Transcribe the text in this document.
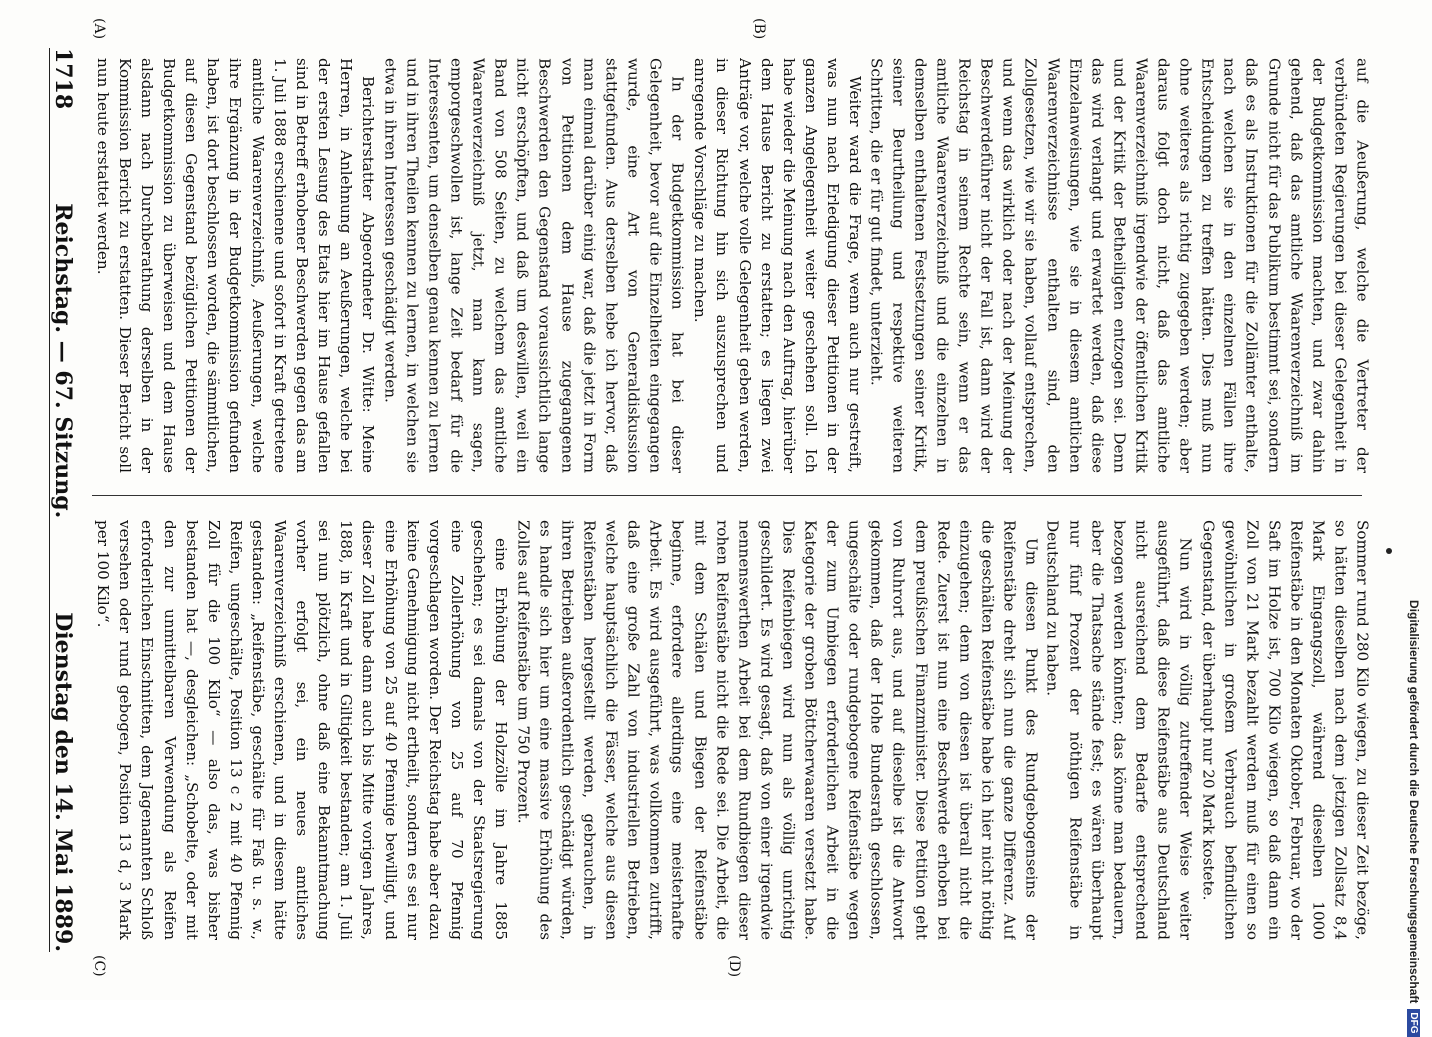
1718
Reichstag. — 67. Sitzung.
Dienstag den 14. Mai 1889.

Berichterstatter Abgeordneter Dr. Witte: Meine Herren, in Anlehnung an Aeußerungen, welche bei der ersten Lesung des Etats hier im Hause gefallen sind in Betreff erhobener Beschwerden gegen das am 1. Juli 1888 erschienene und sofort in Kraft getretene amtliche Waarenverzeichniß, Aeußerungen, welche ihre Ergänzung in der Budgetkommission gefunden haben, ist dort beschlossen worden, die sämmtlichen, auf diesen Gegenstand bezüglichen Petitionen der Budgetkommission zu überweisen und dem Hause alsdann nach Durchberathung derselben in der Kommission Bericht zu erstatten. Dieser Bericht soll nun heute erstattet werden.	In der Budgetkommission hat bei dieser Gelegenheit, bevor auf die Einzelheiten eingegangen wurde, eine Art von Generaldiskussion stattgefunden. Aus derselben hebe ich hervor, daß man einmal darüber einig war, daß die jetzt in Form von Petitionen dem Hause zugegangenen Beschwerden den Gegenstand voraussichtlich lange nicht erschöpften, und daß um deswillen, weil ein Band von 508 Seiten, zu welchem das amtliche Waarenverzeichniß jetzt, man kann sagen, emporgeschwollen ist, lange Zeit bedarf für die Interessenten, um denselben genau kennen zu lernen und in ihren Theilen kennen zu lernen, in welchen sie etwa in ihren Interessen geschädigt werden.	Weiter ward die Frage, wenn auch nur gestreift, was nun nach Erledigung dieser Petitionen in der ganzen Angelegenheit weiter geschehen soll. Ich habe wieder die Meinung nach den Auftrag, hierüber dem Hause Bericht zu erstatten; es liegen zwei Anträge vor, welche volle Gelegenheit geben werden, in dieser Richtung hin sich auszusprechen und anregende Vorschläge zu machen.	auf die Aeußerung, welche die Vertreter der verbündeten Regierungen bei dieser Gelegenheit in der Budgetkommission machten, und zwar dahin gehend, daß das amtliche Waarenverzeichniß im Grunde nicht für das Publikum bestimmt sei, sondern daß es als Instruktionen für die Zollämter enthalte, nach welchen sie in den einzelnen Fällen ihre Entscheidungen zu treffen hätten. Dies muß nun ohne weiteres als richtig zugegeben werden; aber daraus folgt doch nicht, daß das amtliche Waarenverzeichniß irgendwie der öffentlichen Kritik und der Kritik der Betheiligten entzogen sei. Denn das wird verlangt und erwartet werden, daß diese Einzelanweisungen, wie sie in diesem amtlichen Waarenverzeichnisse enthalten sind, den Zollgesetzen, wie wir sie haben, vollauf entsprechen, und wenn das wirklich oder nach der Meinung der Beschwerdeführer nicht der Fall ist, dann wird der Reichstag in seinem Rechte sein, wenn er das amtliche Waarenverzeichniß und die einzelnen in demselben enthaltenen Festsetzungen seiner Kritik, seiner Beurtheilung und respektive weiteren Schritten, die er für gut findet, unterzieht.

eine Erhöhung der Holzzölle im Jahre 1885 geschehen; es sei damals von der Staatsregierung eine Zollerhöhung von 25 auf 70 Pfennig vorgeschlagen worden. Der Reichstag habe aber dazu keine Genehmigung nicht ertheilt, sondern es sei nur eine Erhöhung von 25 auf 40 Pfennige bewilligt, und dieser Zoll habe dann auch bis Mitte vorigen Jahres, 1888, in Kraft und in Giltigkeit bestanden; am 1. Juli sei nun plötzlich, ohne daß eine Bekanntmachung vorher erfolgt sei, ein neues amtliches Waarenverzeichniß erschienen, und in diesem hätte gestanden: „Reifenstäbe, geschälte für Faß u. s. w., Reifen, ungeschälte, Position 13 c 2 mit 40 Pfennig Zoll für die 100 Kilo“ — also das, was bisher bestanden hat —, desgleichen: „Schobelte, oder mit den zur unmittelbaren Verwendung als Reifen erforderlichen Einschnitten, dem Jagenannten Schloß versehen oder rund gebogen, Position 13 d, 3 Mark per 100 Kilo“.	Um diesen Punkt des Rundgebogenseins der Reifenstäbe dreht sich nun die ganze Differenz. Auf die geschälten Reifenstäbe habe ich hier nicht nöthig einzugehen; denn von diesen ist überall nicht die Rede. Zuerst ist nun eine Beschwerde erhoben bei dem preußischen Finanzminister. Diese Petition geht von Ruhrort aus, und auf dieselbe ist die Antwort gekommen, daß der Hohe Bundesrath geschlossen, ungeschälte oder rundgebogene Reifenstäbe wegen der zum Umbiegen erforderlichen Arbeit in die Kategorie der groben Böttcherwaaren versetzt habe. Dies Reifenbiegen wird nun als völlig unrichtig geschildert. Es wird gesagt, daß von einer irgendwie nennenswerthen Arbeit bei dem Rundbiegen dieser rohen Reifenstäbe nicht die Rede sei. Die Arbeit, die mit dem Schälen und Biegen der Reifenstäbe beginne, erfordere allerdings eine meisterhafte Arbeit. Es wird ausgeführt, was vollkommen zutrifft, daß eine große Zahl von industriellen Betrieben, welche hauptsächlich die Fässer, welche aus diesen Reifenstäben hergestellt werden, gebrauchen, in ihren Betrieben außerordentlich geschädigt würden, es handle sich hier um eine massive Erhöhung des Zolles auf Reifenstäbe um 750 Prozent.	Nun wird in völlig zutreffender Weise weiter ausgeführt, daß diese Reifenstäbe aus Deutschland nicht ausreichend dem Bedarfe entsprechend bezogen werden könnten; das könne man bedauern, aber die Thatsache stände fest; es wären überhaupt nur fünf Prozent der nöthigen Reifenstäbe in Deutschland zu haben.	Sommer rund 280 Kilo wiegen, zu dieser Zeit bezöge, so hätten dieselben nach dem jetzigen Zollsatz 8,4 Mark Eingangszoll, während dieselben 1000 Reifenstäbe in den Monaten Oktober, Februar, wo der Saft im Holze ist, 700 Kilo wiegen, so daß dann ein Zoll von 21 Mark bezahlt werden muß für einen so gewöhnlichen in großem Verbrauch befindlichen Gegenstand, der überhaupt nur 20 Mark kostete.

(A)	(B)
(C)	(D)	Digitalisierung gefördert durch die Deutsche Forschungsgemeinschaft
DFG
